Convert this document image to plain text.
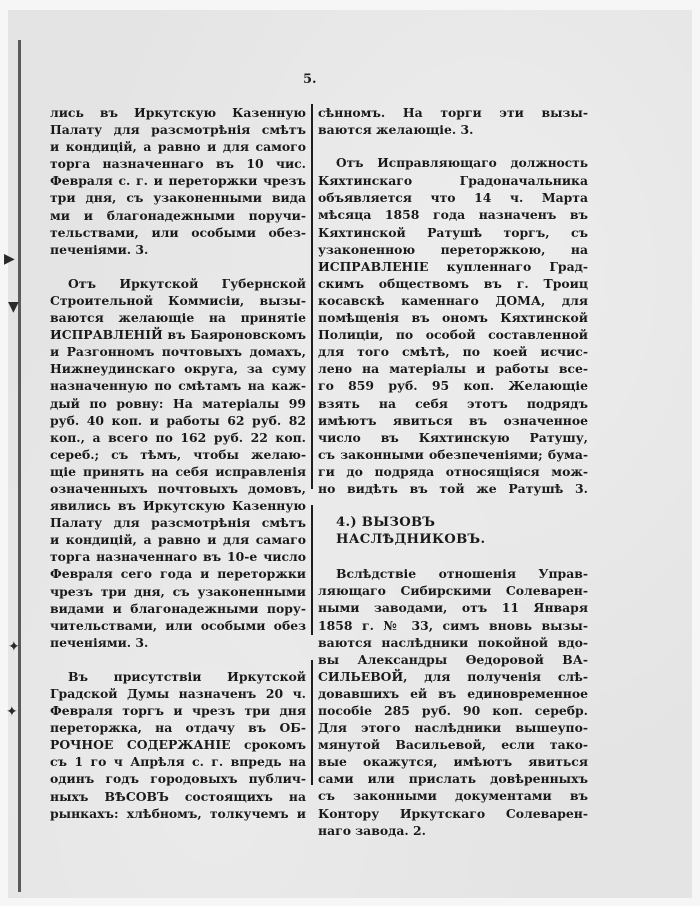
▶
▼
✦
✦
5.
лись въ Иркутскую Казенную
Палату для разсмотрѣнія смѣтъ
и кондицій, а равно и для самого
торга назначеннаго въ 10 чис.
Февраля с. г. и переторжки чрезъ
три дня, съ узаконенными вида
ми и благонадежными поручи-
тельствами, или особыми обез-
печеніями. 3.
Отъ Иркутской Губернской
Строительной Коммисіи, вызы-
ваются желающіе на принятіе
ИСПРАВЛЕНІЙ въ Баяроновскомъ
и Разгонномъ почтовыхъ домахъ,
Нижнеудинскаго округа, за суму
назначенную по смѣтамъ на каж-
дый по ровну: На матеріалы 99
руб. 40 коп. и работы 62 руб. 82
коп., а всего по 162 руб. 22 коп.
сереб.; съ тѣмъ, чтобы желаю-
щіе принять на себя исправленія
означенныхъ почтовыхъ домовъ,
явились въ Иркутскую Казенную
Палату для разсмотрѣнія смѣтъ
и кондицій, а равно и для самаго
торга назначеннаго въ 10-е число
Февраля сего года и переторжки
чрезъ три дня, съ узаконенными
видами и благонадежными пору-
чительствами, или особыми обез
печеніями. 3.
Въ присутствіи Иркутской
Градской Думы назначенъ 20 ч.
Февраля торгъ и чрезъ три дня
переторжка, на отдачу въ ОБ-
РОЧНОЕ СОДЕРЖАНІЕ срокомъ
съ 1 го ч Апрѣля с. г. впредь на
одинъ годъ городовыхъ публич-
ныхъ ВѢСОВЪ состоящихъ на
рынкахъ: хлѣбномъ, толкучемъ и
сѣнномъ. На торги эти вызы-
ваются желающіе. 3.
Отъ Исправляющаго должность
Кяхтинскаго Градоначальника
объявляется что 14 ч. Марта
мѣсяца 1858 года назначенъ въ
Кяхтинской Ратушѣ торгъ, съ
узаконенною переторжкою, на
ИСПРАВЛЕНІЕ купленнаго Град-
скимъ обществомъ въ г. Троиц
косавскѣ каменнаго ДОМА, для
помѣщенія въ ономъ Кяхтинской
Полиціи, по особой составленной
для того смѣтѣ, по коей исчис-
лено на матеріалы и работы все-
го 859 руб. 95 коп. Желающіе
взять на себя этотъ подрядъ
имѣютъ явиться въ означенное
число въ Кяхтинскую Ратушу,
съ законными обезпеченіями; бума-
ги до подряда относящіяся мож-
но видѣть въ той же Ратушѣ 3.
4.) ВЫЗОВЪ НАСЛѢДНИКОВЪ.
Вслѣдствіе отношенія Управ-
ляющаго Сибирскими Солеварен-
ными заводами, отъ 11 Января
1858 г. № 33, симъ вновь вызы-
ваются наслѣдники покойной вдо-
вы Александры Ѳедоровой ВА-
СИЛЬЕВОЙ, для полученія слѣ-
довавшихъ ей въ единовременное
пособіе 285 руб. 90 коп. серебр.
Для этого наслѣдники вышеупо-
мянутой Васильевой, если тако-
вые окажутся, имѣютъ явиться
сами или прислать довѣренныхъ
съ законными документами въ
Контору Иркутскаго Солеварен-
наго завода. 2.
